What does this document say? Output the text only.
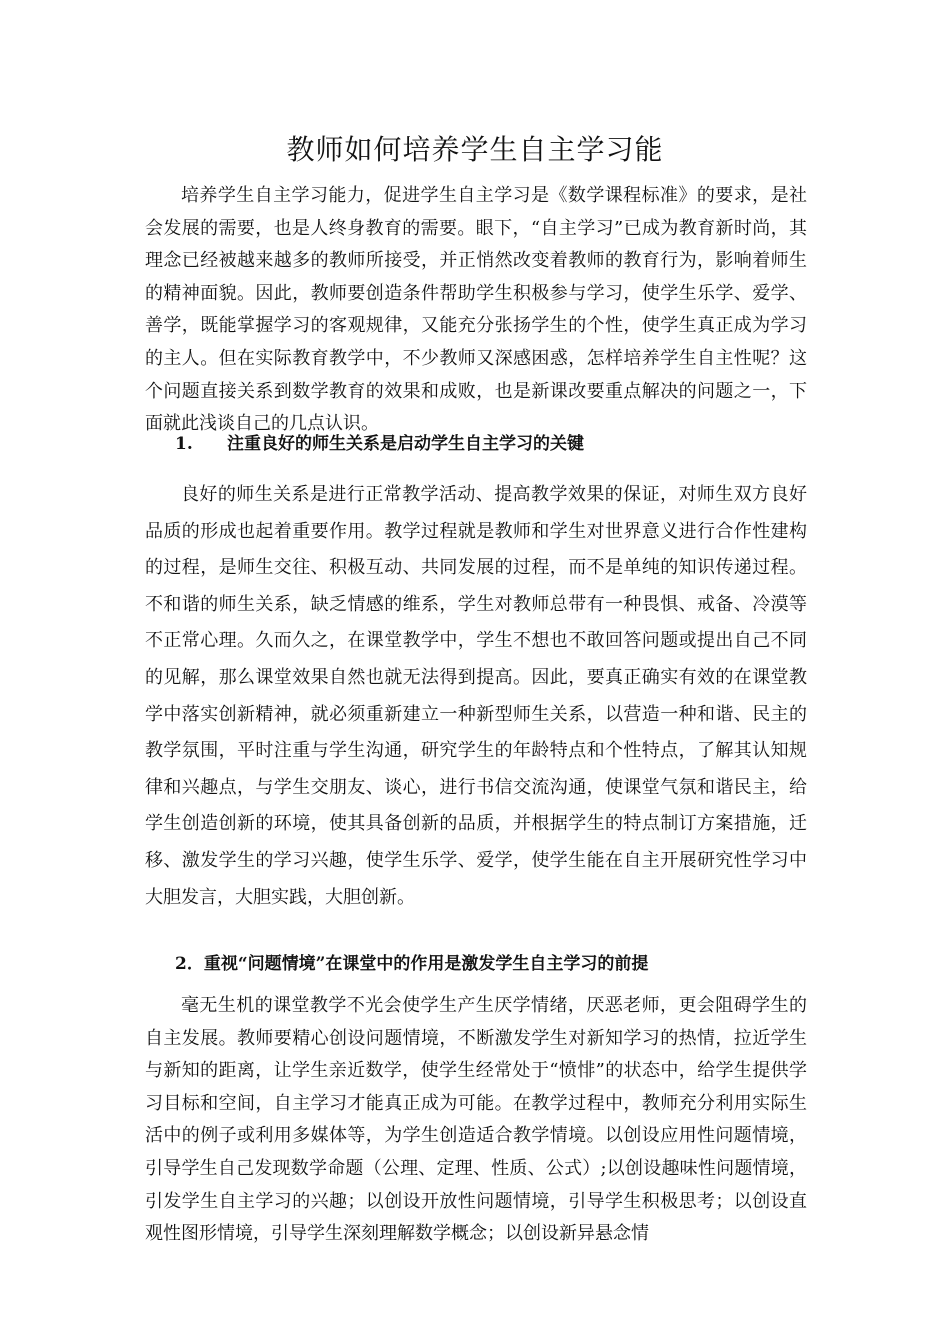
教师如何培养学生自主学习能

培养学生自主学习能力，促进学生自主学习是《数学课程标准》的要求，是社会发展的需要，也是人终身教育的需要。眼下，“自主学习”已成为教育新时尚，其理念已经被越来越多的教师所接受，并正悄然改变着教师的教育行为，影响着师生的精神面貌。因此，教师要创造条件帮助学生积极参与学习，使学生乐学、爱学、善学，既能掌握学习的客观规律，又能充分张扬学生的个性，使学生真正成为学习的主人。但在实际教育教学中，不少教师又深感困惑，怎样培养学生自主性呢？这个问题直接关系到数学教育的效果和成败，也是新课改要重点解决的问题之一，下面就此浅谈自己的几点认识。

1. 注重良好的师生关系是启动学生自主学习的关键

良好的师生关系是进行正常教学活动、提高教学效果的保证，对师生双方良好品质的形成也起着重要作用。教学过程就是教师和学生对世界意义进行合作性建构的过程，是师生交往、积极互动、共同发展的过程，而不是单纯的知识传递过程。不和谐的师生关系，缺乏情感的维系，学生对教师总带有一种畏惧、戒备、冷漠等不正常心理。久而久之，在课堂教学中，学生不想也不敢回答问题或提出自己不同的见解，那么课堂效果自然也就无法得到提高。因此，要真正确实有效的在课堂教学中落实创新精神，就必须重新建立一种新型师生关系，以营造一种和谐、民主的教学氛围，平时注重与学生沟通，研究学生的年龄特点和个性特点，了解其认知规律和兴趣点，与学生交朋友、谈心，进行书信交流沟通，使课堂气氛和谐民主，给学生创造创新的环境，使其具备创新的品质，并根据学生的特点制订方案措施，迁移、激发学生的学习兴趣，使学生乐学、爱学，使学生能在自主开展研究性学习中大胆发言，大胆实践，大胆创新。

2．重视“问题情境”在课堂中的作用是激发学生自主学习的前提

毫无生机的课堂教学不光会使学生产生厌学情绪，厌恶老师，更会阻碍学生的自主发展。教师要精心创设问题情境，不断激发学生对新知学习的热情，拉近学生与新知的距离，让学生亲近数学，使学生经常处于“愤悱”的状态中，给学生提供学习目标和空间，自主学习才能真正成为可能。在教学过程中，教师充分利用实际生活中的例子或利用多媒体等，为学生创造适合教学情境。以创设应用性问题情境，引导学生自己发现数学命题（公理、定理、性质、公式）;以创设趣味性问题情境，引发学生自主学习的兴趣；以创设开放性问题情境，引导学生积极思考；以创设直观性图形情境，引导学生深刻理解数学概念；以创设新异悬念情
